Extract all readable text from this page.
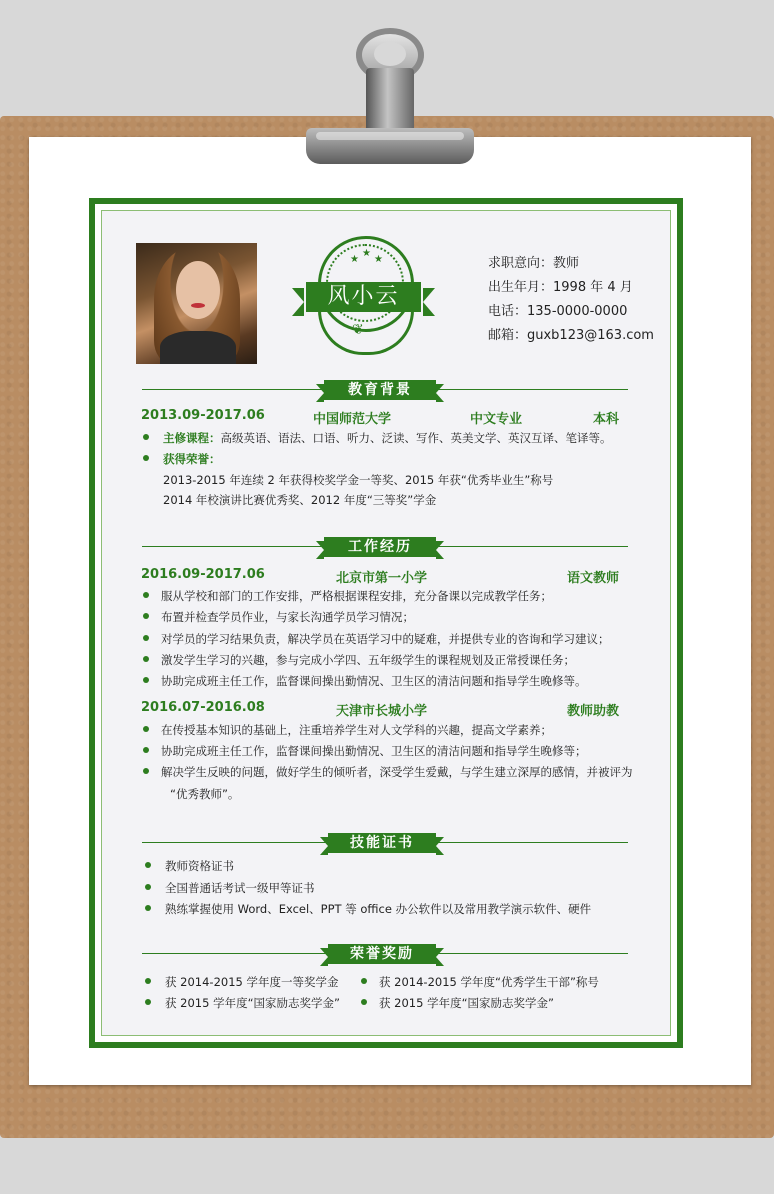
★
★
★
风小云
❦
求职意向：教师
出生年月：1998 年 4 月
电话：135-0000-0000
邮箱：guxb123@163.com
教育背景
2013.09-2017.06	中国师范大学	中文专业	本科
主修课程：高级英语、语法、口语、听力、泛读、写作、英美文学、英汉互译、笔译等。
获得荣誉：
2013-2015 年连续 2 年获得校奖学金一等奖、2015 年获“优秀毕业生”称号
2014 年校演讲比赛优秀奖、2012 年度“三等奖”学金
工作经历
2016.09-2017.06	北京市第一小学	语文教师
服从学校和部门的工作安排，严格根据课程安排，充分备课以完成教学任务；
布置并检查学员作业，与家长沟通学员学习情况；
对学员的学习结果负责，解决学员在英语学习中的疑难，并提供专业的咨询和学习建议；
激发学生学习的兴趣，参与完成小学四、五年级学生的课程规划及正常授课任务；
协助完成班主任工作，监督课间操出勤情况、卫生区的清洁问题和指导学生晚修等。
2016.07-2016.08	天津市长城小学	教师助教
在传授基本知识的基础上，注重培养学生对人文学科的兴趣，提高文学素养；
协助完成班主任工作，监督课间操出勤情况、卫生区的清洁问题和指导学生晚修等；
解决学生反映的问题，做好学生的倾听者，深受学生爱戴，与学生建立深厚的感情，并被评为
“优秀教师”。
技能证书
教师资格证书
全国普通话考试一级甲等证书
熟练掌握使用 Word、Excel、PPT 等 office 办公软件以及常用教学演示软件、硬件
荣誉奖励
获 2014-2015 学年度一等奖学金	获 2014-2015 学年度“优秀学生干部”称号
获 2015 学年度“国家励志奖学金”	获 2015 学年度“国家励志奖学金”
